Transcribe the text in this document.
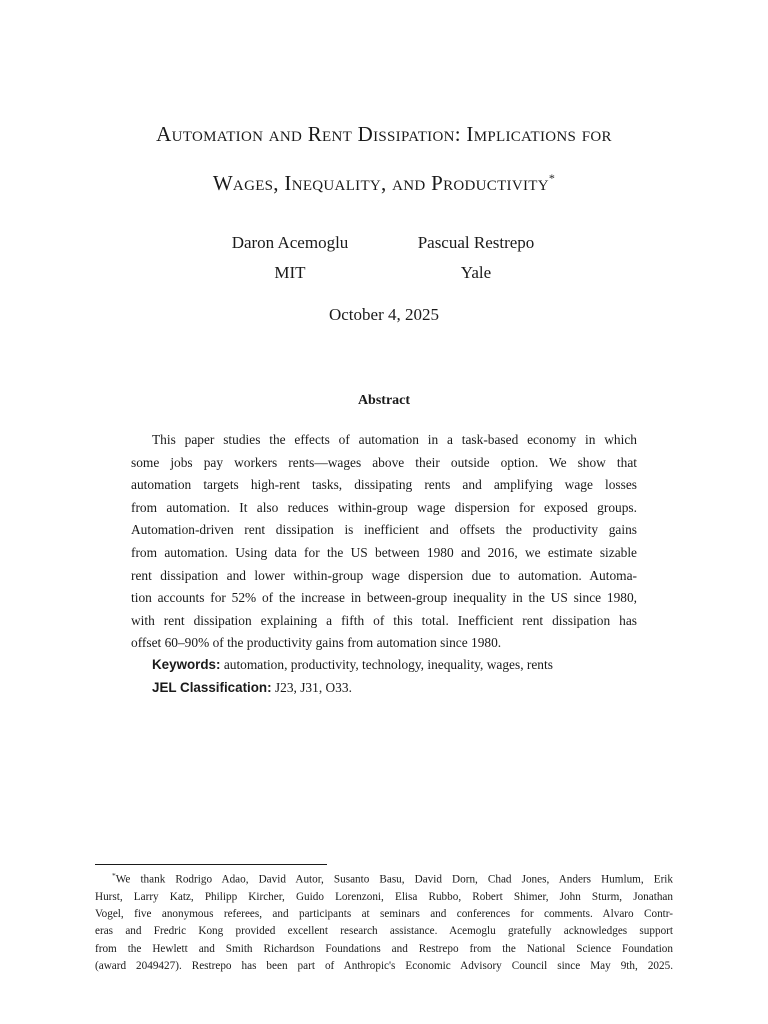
Automation and Rent Dissipation: Implications for
Wages, Inequality, and Productivity*
Daron Acemoglu
MIT
Pascual Restrepo
Yale
October 4, 2025
Abstract
This paper studies the effects of automation in a task-based economy in which
some jobs pay workers rents—wages above their outside option. We show that
automation targets high-rent tasks, dissipating rents and amplifying wage losses
from automation. It also reduces within-group wage dispersion for exposed groups.
Automation-driven rent dissipation is inefficient and offsets the productivity gains
from automation. Using data for the US between 1980 and 2016, we estimate sizable
rent dissipation and lower within-group wage dispersion due to automation. Automa-
tion accounts for 52% of the increase in between-group inequality in the US since 1980,
with rent dissipation explaining a fifth of this total. Inefficient rent dissipation has
offset 60–90% of the productivity gains from automation since 1980.
Keywords: automation, productivity, technology, inequality, wages, rents
JEL Classification: J23, J31, O33.
*We thank Rodrigo Adao, David Autor, Susanto Basu, David Dorn, Chad Jones, Anders Humlum, Erik
Hurst, Larry Katz, Philipp Kircher, Guido Lorenzoni, Elisa Rubbo, Robert Shimer, John Sturm, Jonathan
Vogel, five anonymous referees, and participants at seminars and conferences for comments. Alvaro Contr-
eras and Fredric Kong provided excellent research assistance. Acemoglu gratefully acknowledges support
from the Hewlett and Smith Richardson Foundations and Restrepo from the National Science Foundation
(award 2049427). Restrepo has been part of Anthropic's Economic Advisory Council since May 9th, 2025.
